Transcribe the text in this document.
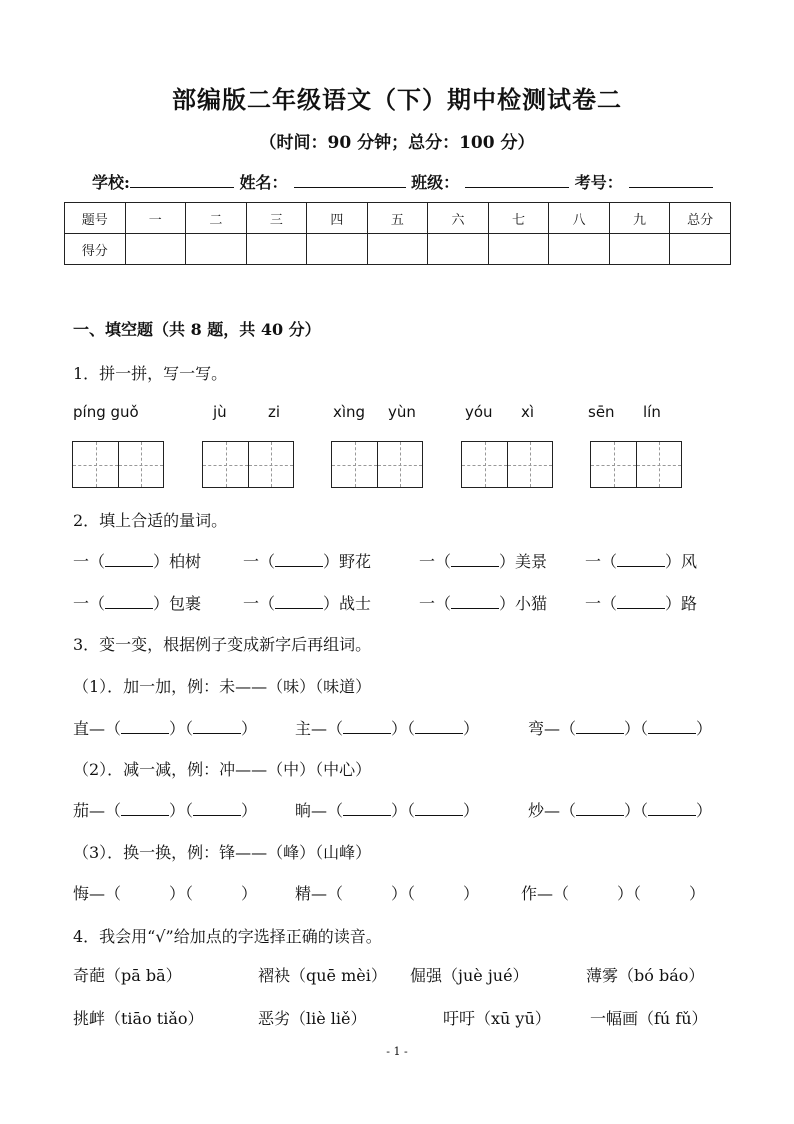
部编版二年级语文（下）期中检测试卷二
（时间：90 分钟；总分：100 分）
学校:	姓名：	班级：	考号：
题号	一	二	三	四	五	六	七	八	九	总分
得分										
一、填空题（共 8 题，共 40 分）
1．拼一拼，写一写。
píng guǒ	jù	zi	xìng yùn	yóu xì	sēn lín
2．填上合适的量词。
一（	）柏树	一（	）野花	一（	）美景 一（	）风
一（	）包裹	一（	）战士	一（	）小猫 一（	）路
3．变一变，根据例子变成新字后再组词。
（1）．加一加，例：未——（味）（味道）
直—（	）（	） 主—（	）（	）	弯—（	）（	）
（2）．减一减，例：冲——（中）（中心）
茄—（	）（	） 晌—（	）（	）	炒—（	）（	）
（3）．换一换，例：锋——（峰）（山峰）
悔—（	）（	） 精—（	）（	）	作—（	）（	）
4．我会用“√”给加点的字选择正确的读音。
奇葩（pā bā）	褶袂（quē mèi） 倔强（juè jué）	薄雾（bó báo）
挑衅（tiāo tiǎo）	恶劣（liè liě）	吁吁（xū yū） 一幅画（fú fǔ）
- 1 -
